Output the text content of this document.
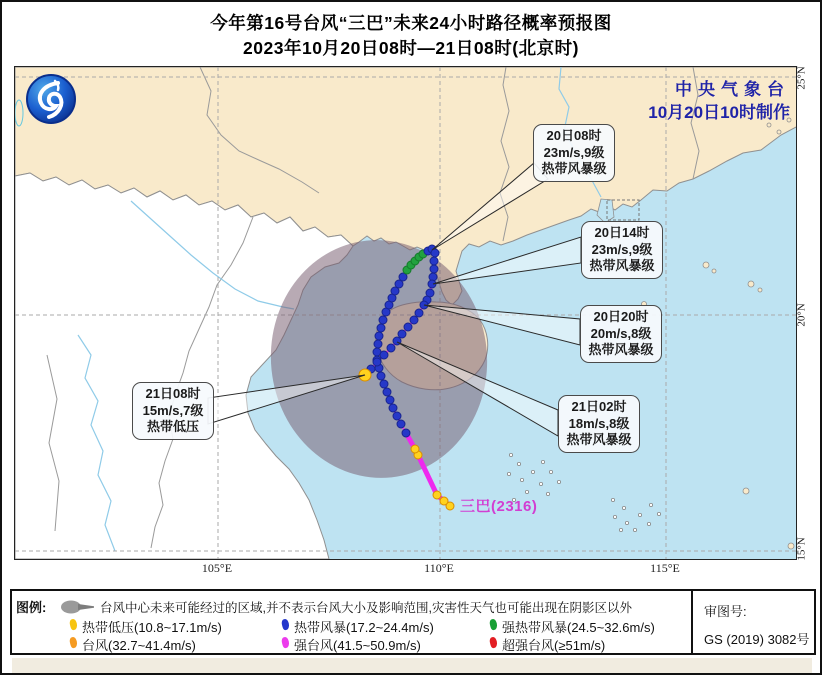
今年第16号台风“三巴”未来24小时路径概率预报图
2023年10月20日08时—21日08时(北京时)
中央气象台
10月20日10时制作
20日08时
23m/s,9级
热带风暴级
20日14时
23m/s,9级
热带风暴级
20日20时
20m/s,8级
热带风暴级
21日02时
18m/s,8级
热带风暴级
21日08时
15m/s,7级
热带低压
三巴(2316)
25°N
20°N
15°N
105°E	110°E	115°E
图例:	台风中心未来可能经过的区域,并不表示台风大小及影响范围,灾害性天气也可能出现在阴影区以外
热带低压(10.8~17.1m/s)	热带风暴(17.2~24.4m/s)	强热带风暴(24.5~32.6m/s)
台风(32.7~41.4m/s)	强台风(41.5~50.9m/s)	超强台风(≥51m/s)
审图号:
GS (2019) 3082号
